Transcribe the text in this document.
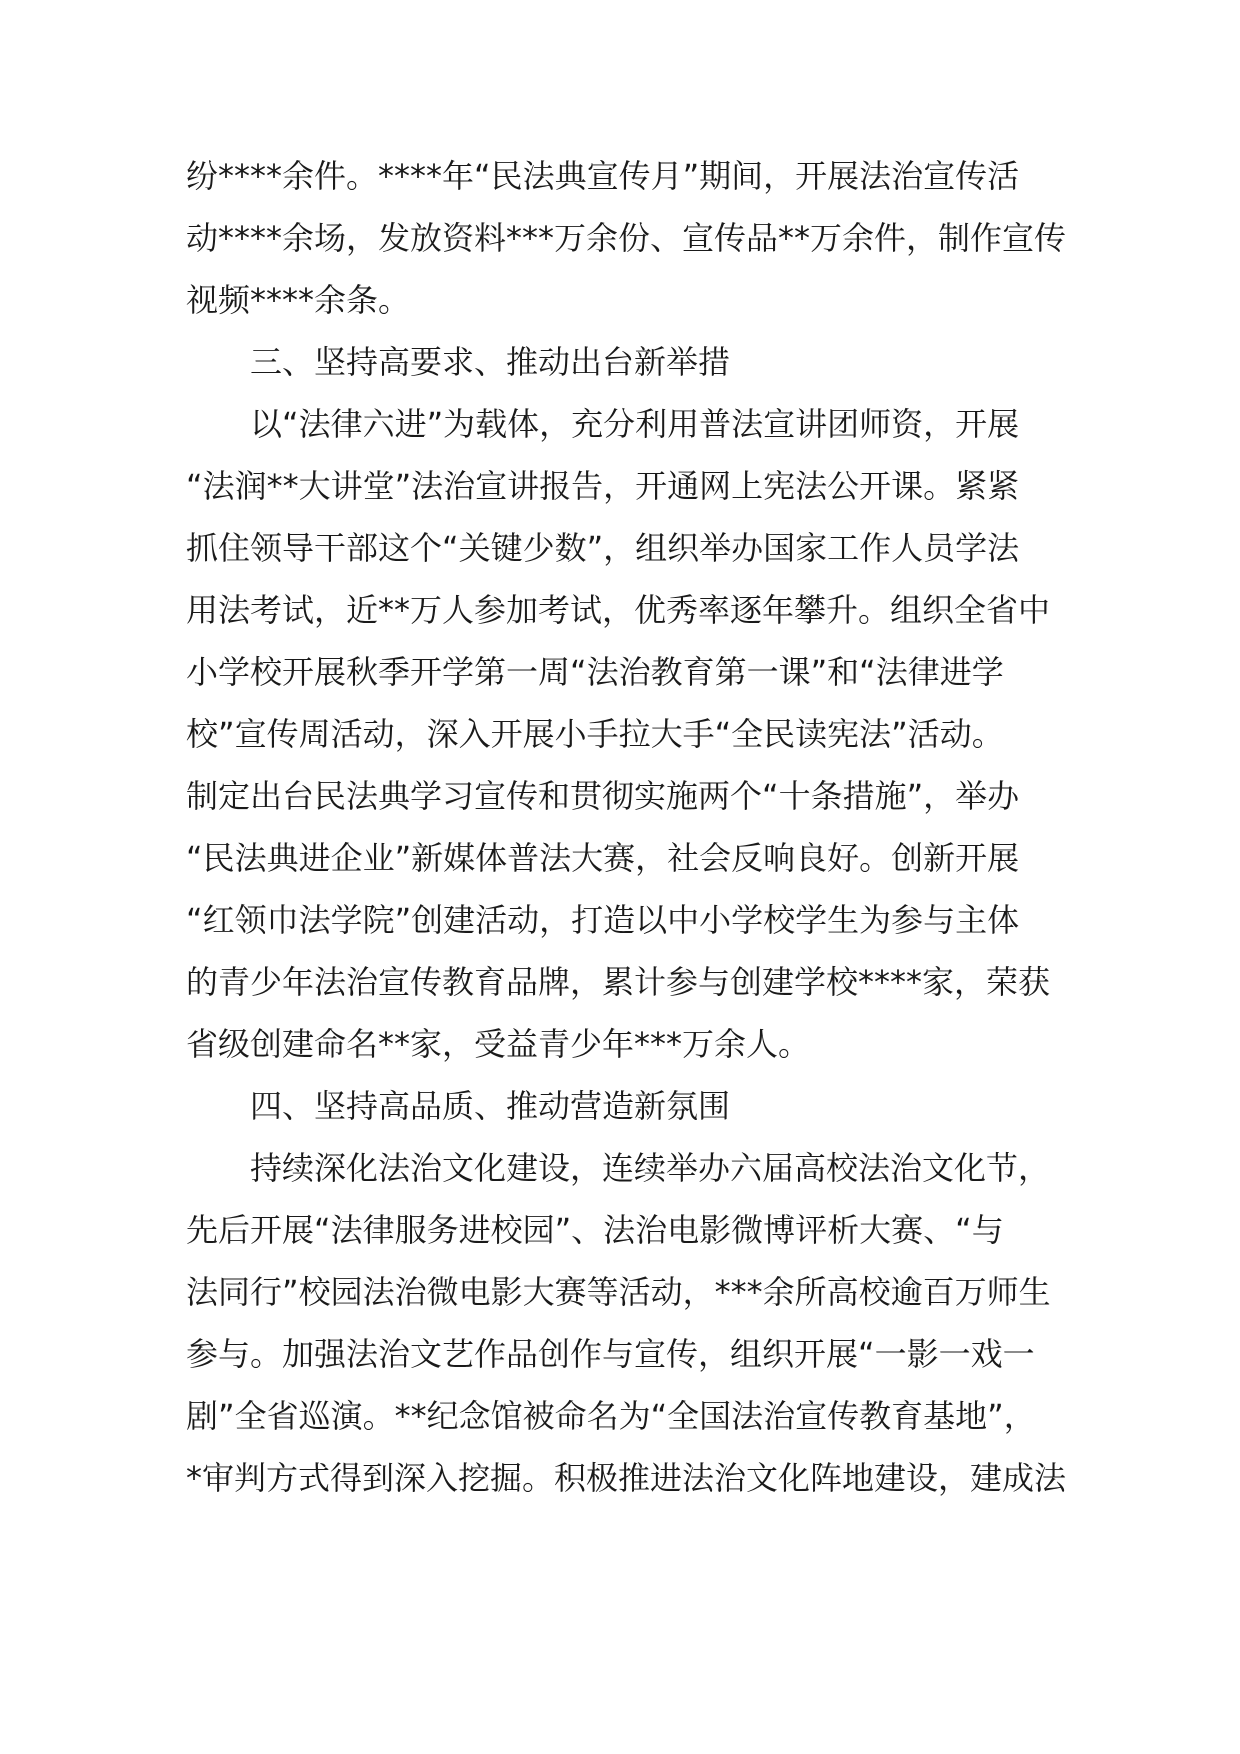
纷****余件。****年“民法典宣传月”期间，开展法治宣传活
动****余场，发放资料***万余份、宣传品**万余件，制作宣传
视频****余条。
三、坚持高要求、推动出台新举措
以“法律六进”为载体，充分利用普法宣讲团师资，开展
“法润**大讲堂”法治宣讲报告，开通网上宪法公开课。紧紧
抓住领导干部这个“关键少数”，组织举办国家工作人员学法
用法考试，近**万人参加考试，优秀率逐年攀升。组织全省中
小学校开展秋季开学第一周“法治教育第一课”和“法律进学
校”宣传周活动，深入开展小手拉大手“全民读宪法”活动。
制定出台民法典学习宣传和贯彻实施两个“十条措施”，举办
“民法典进企业”新媒体普法大赛，社会反响良好。创新开展
“红领巾法学院”创建活动，打造以中小学校学生为参与主体
的青少年法治宣传教育品牌，累计参与创建学校****家，荣获
省级创建命名**家，受益青少年***万余人。
四、坚持高品质、推动营造新氛围
持续深化法治文化建设，连续举办六届高校法治文化节，
先后开展“法律服务进校园”、法治电影微博评析大赛、“与
法同行”校园法治微电影大赛等活动，***余所高校逾百万师生
参与。加强法治文艺作品创作与宣传，组织开展“一影一戏一
剧”全省巡演。**纪念馆被命名为“全国法治宣传教育基地”，
*审判方式得到深入挖掘。积极推进法治文化阵地建设，建成法
